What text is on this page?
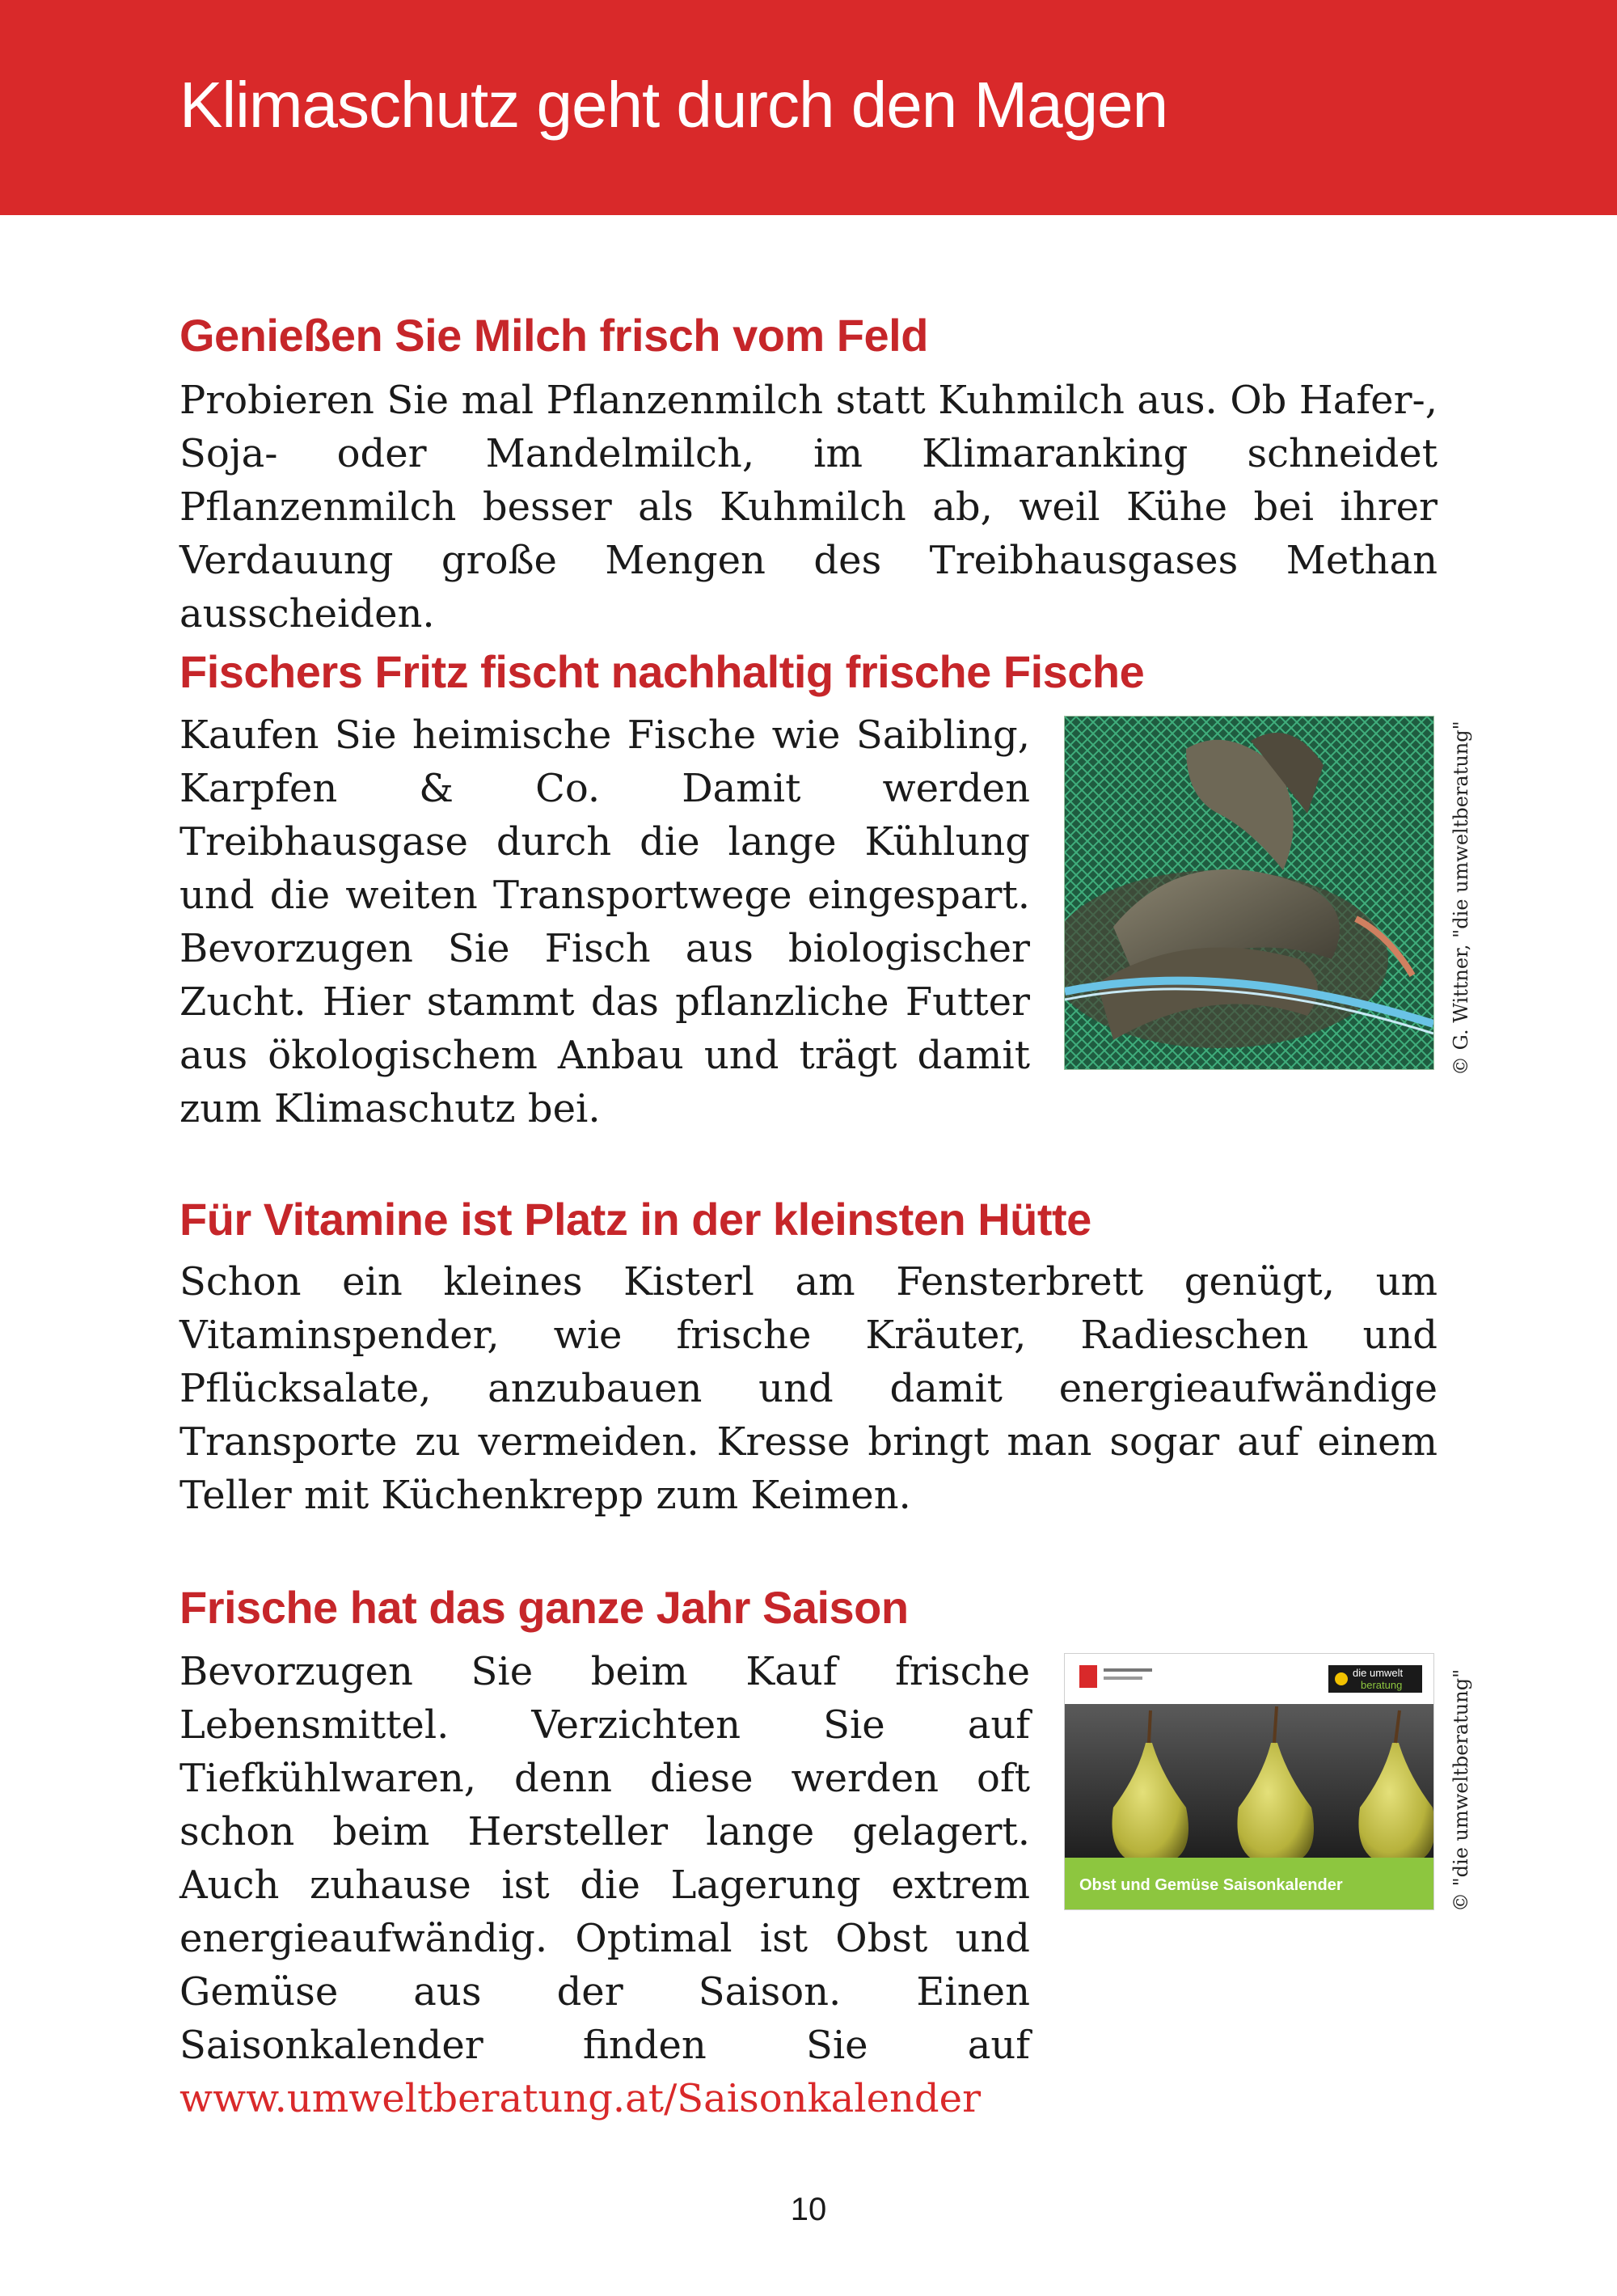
Klimaschutz geht durch den Magen
Genießen Sie Milch frisch vom Feld

Probieren Sie mal Pflanzenmilch statt Kuhmilch aus. Ob Hafer-, Soja- oder Mandelmilch, im Klimaranking schneidet Pflanzenmilch besser als Kuhmilch ab, weil Kühe bei ihrer Verdauung große Mengen des Treibhausgases Methan ausscheiden.

Fischers Fritz fischt nachhaltig frische Fische

Kaufen Sie heimische Fische wie Saibling, Karpfen & Co. Damit werden Treibhausgase durch die lange Kühlung und die weiten Transportwege eingespart. Bevorzugen Sie Fisch aus biologischer Zucht. Hier stammt das pflanzliche Futter aus ökologischem Anbau und trägt damit zum Klimaschutz bei.

© G. Wittner, "die umweltberatung"
Für Vitamine ist Platz in der kleinsten Hütte

Schon ein kleines Kisterl am Fensterbrett genügt, um Vitaminspender, wie frische Kräuter, Radieschen und Pflücksalate, anzubauen und damit energieaufwändige Transporte zu vermeiden. Kresse bringt man sogar auf einem Teller mit Küchenkrepp zum Keimen.

Frische hat das ganze Jahr Saison

Bevorzugen Sie beim Kauf frische Lebensmittel. Verzichten Sie auf Tiefkühlwaren, denn diese werden oft schon beim Hersteller lange gelagert. Auch zuhause ist die Lagerung extrem energieaufwändig. Optimal ist Obst und Gemüse aus der Saison. Einen Saisonkalender finden Sie auf www.umweltberatung.at/Saisonkalender

die umwelt
beratung
Obst und Gemüse Saisonkalender	© "die umweltberatung"
10
